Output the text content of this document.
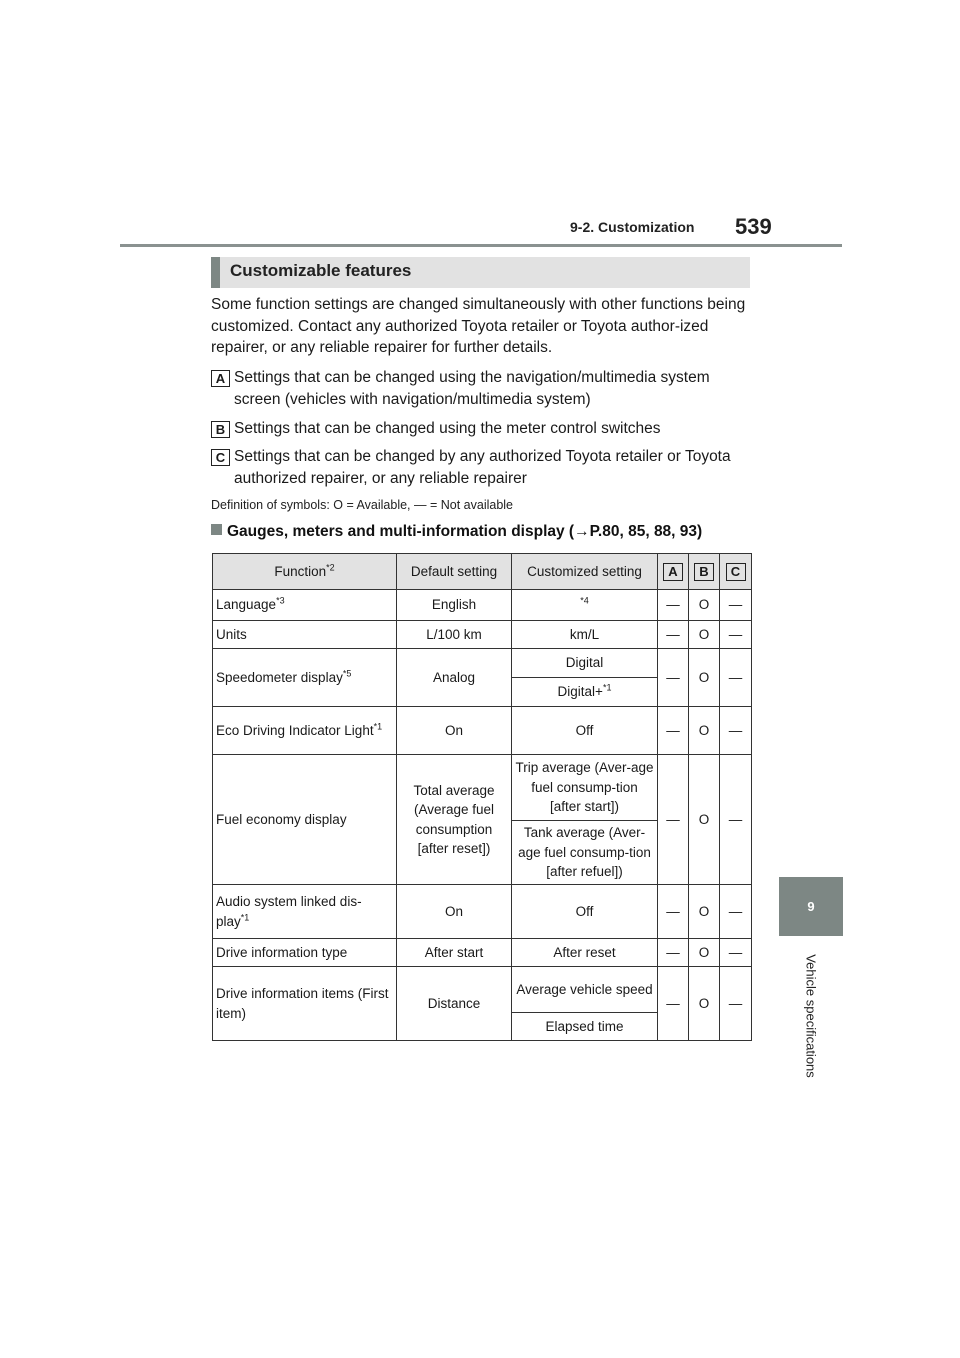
9-2. Customization 539
9
Vehicle specifications
Customizable features

Some function settings are changed simultaneously with other functions being customized. Contact any authorized Toyota retailer or Toyota author-ized repairer, or any reliable repairer for further details.

A Settings that can be changed using the navigation/multimedia system screen (vehicles with navigation/multimedia system)
B Settings that can be changed using the meter control switches
C Settings that can be changed by any authorized Toyota retailer or Toyota authorized repairer, or any reliable repairer
Definition of symbols: O = Available, — = Not available
Gauges, meters and multi-information display (→P.80, 85, 88, 93)
Function$^{*2}$	Default setting	Customized setting	A	B	C
Language$^{*3}$	English	$^{*4}$	—	O	—
Units	L/100 km	km/L	—	O	—
Speedometer display$^{*5}$	Analog	Digital	—	O	—
		Digital+$^{*1}$
Eco Driving Indicator Light$^{*1}$	On	Off	—	O	—
Fuel economy display	Total average (Average fuel consumption [after reset])	Trip average (Aver-age fuel consump-tion [after start])	—	O	—
		Tank average (Aver-age fuel consump-tion [after refuel])			
Audio system linked dis-play$^{*1}$	On	Off	—	O	—
Drive information type	After start	After reset	—	O	—
Drive information items (First item)	Distance	Average vehicle speed	—	O	—
		Elapsed time			
